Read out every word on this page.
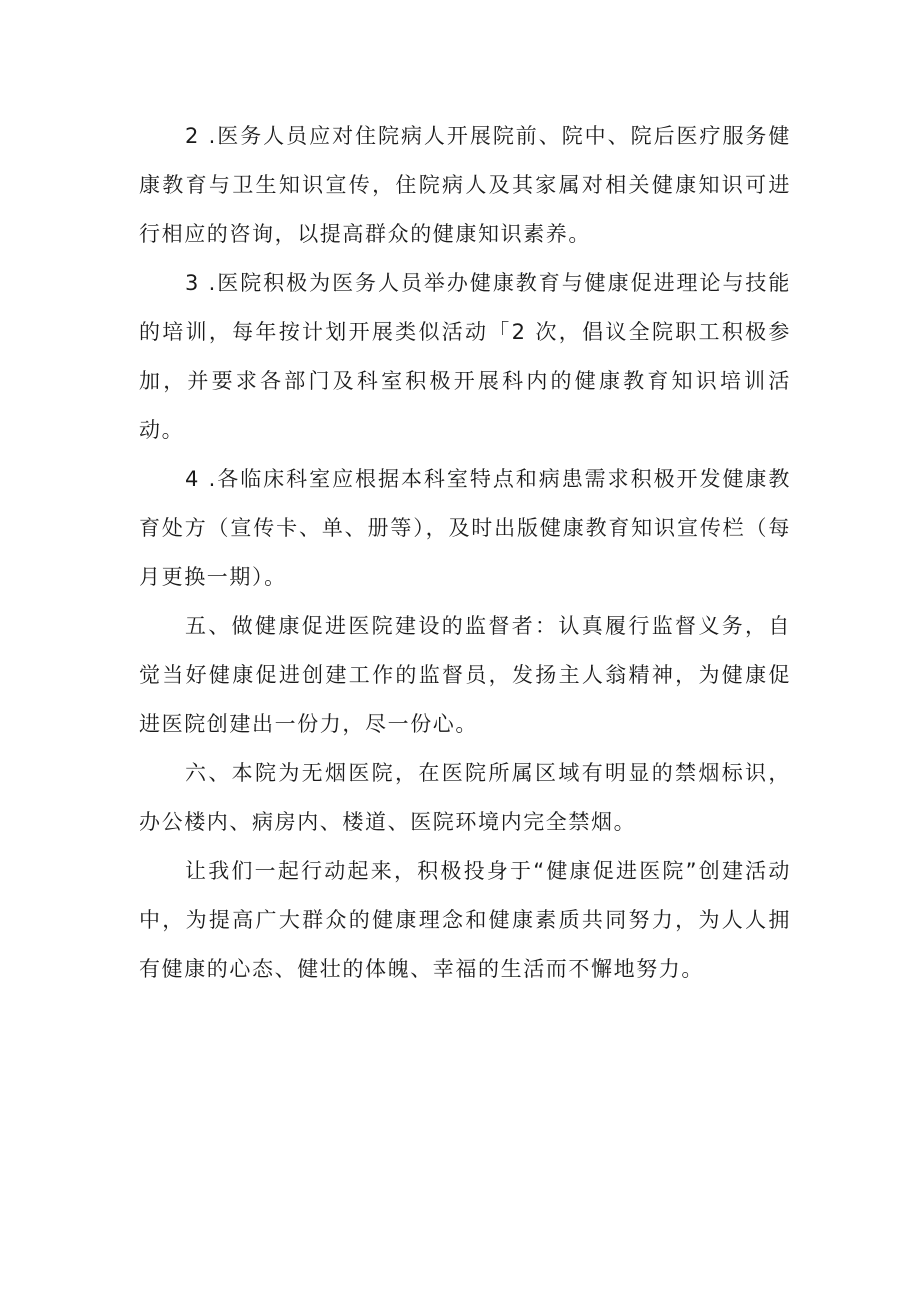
2 .医务人员应对住院病人开展院前、院中、院后医疗服务健康教育与卫生知识宣传，住院病人及其家属对相关健康知识可进行相应的咨询，以提高群众的健康知识素养。

3 .医院积极为医务人员举办健康教育与健康促进理论与技能的培训，每年按计划开展类似活动「2 次，倡议全院职工积极参加，并要求各部门及科室积极开展科内的健康教育知识培训活动。

4 .各临床科室应根据本科室特点和病患需求积极开发健康教育处方（宣传卡、单、册等），及时出版健康教育知识宣传栏（每月更换一期）。

五、做健康促进医院建设的监督者：认真履行监督义务，自觉当好健康促进创建工作的监督员，发扬主人翁精神，为健康促进医院创建出一份力，尽一份心。

六、本院为无烟医院，在医院所属区域有明显的禁烟标识，办公楼内、病房内、楼道、医院环境内完全禁烟。

让我们一起行动起来，积极投身于“健康促进医院”创建活动中，为提高广大群众的健康理念和健康素质共同努力，为人人拥有健康的心态、健壮的体魄、幸福的生活而不懈地努力。
